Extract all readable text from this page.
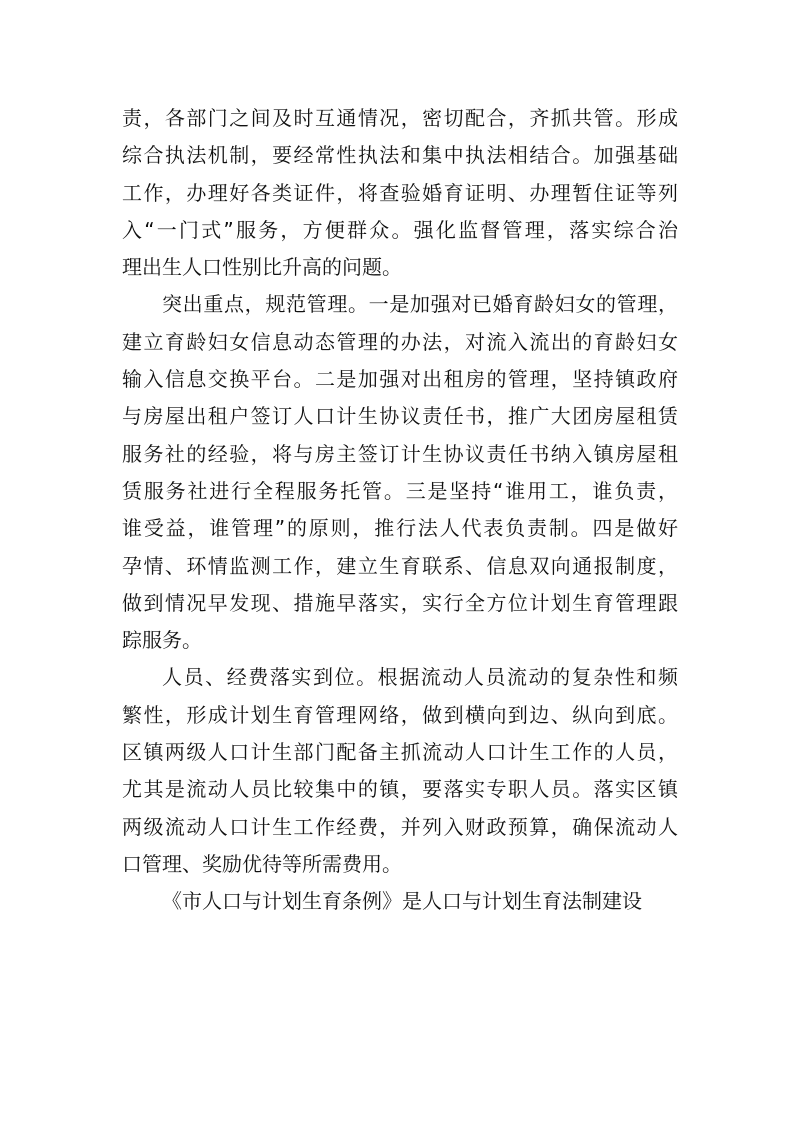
责，各部门之间及时互通情况，密切配合，齐抓共管。形成
综合执法机制，要经常性执法和集中执法相结合。加强基础
工作，办理好各类证件，将查验婚育证明、办理暂住证等列
入“一门式”服务，方便群众。强化监督管理，落实综合治
理出生人口性别比升高的问题。
突出重点，规范管理。一是加强对已婚育龄妇女的管理，
建立育龄妇女信息动态管理的办法，对流入流出的育龄妇女
输入信息交换平台。二是加强对出租房的管理，坚持镇政府
与房屋出租户签订人口计生协议责任书，推广大团房屋租赁
服务社的经验，将与房主签订计生协议责任书纳入镇房屋租
赁服务社进行全程服务托管。三是坚持“谁用工，谁负责，
谁受益，谁管理”的原则，推行法人代表负责制。四是做好
孕情、环情监测工作，建立生育联系、信息双向通报制度，
做到情况早发现、措施早落实，实行全方位计划生育管理跟
踪服务。
人员、经费落实到位。根据流动人员流动的复杂性和频
繁性，形成计划生育管理网络，做到横向到边、纵向到底。
区镇两级人口计生部门配备主抓流动人口计生工作的人员，
尤其是流动人员比较集中的镇，要落实专职人员。落实区镇
两级流动人口计生工作经费，并列入财政预算，确保流动人
口管理、奖励优待等所需费用。
《市人口与计划生育条例》是人口与计划生育法制建设
